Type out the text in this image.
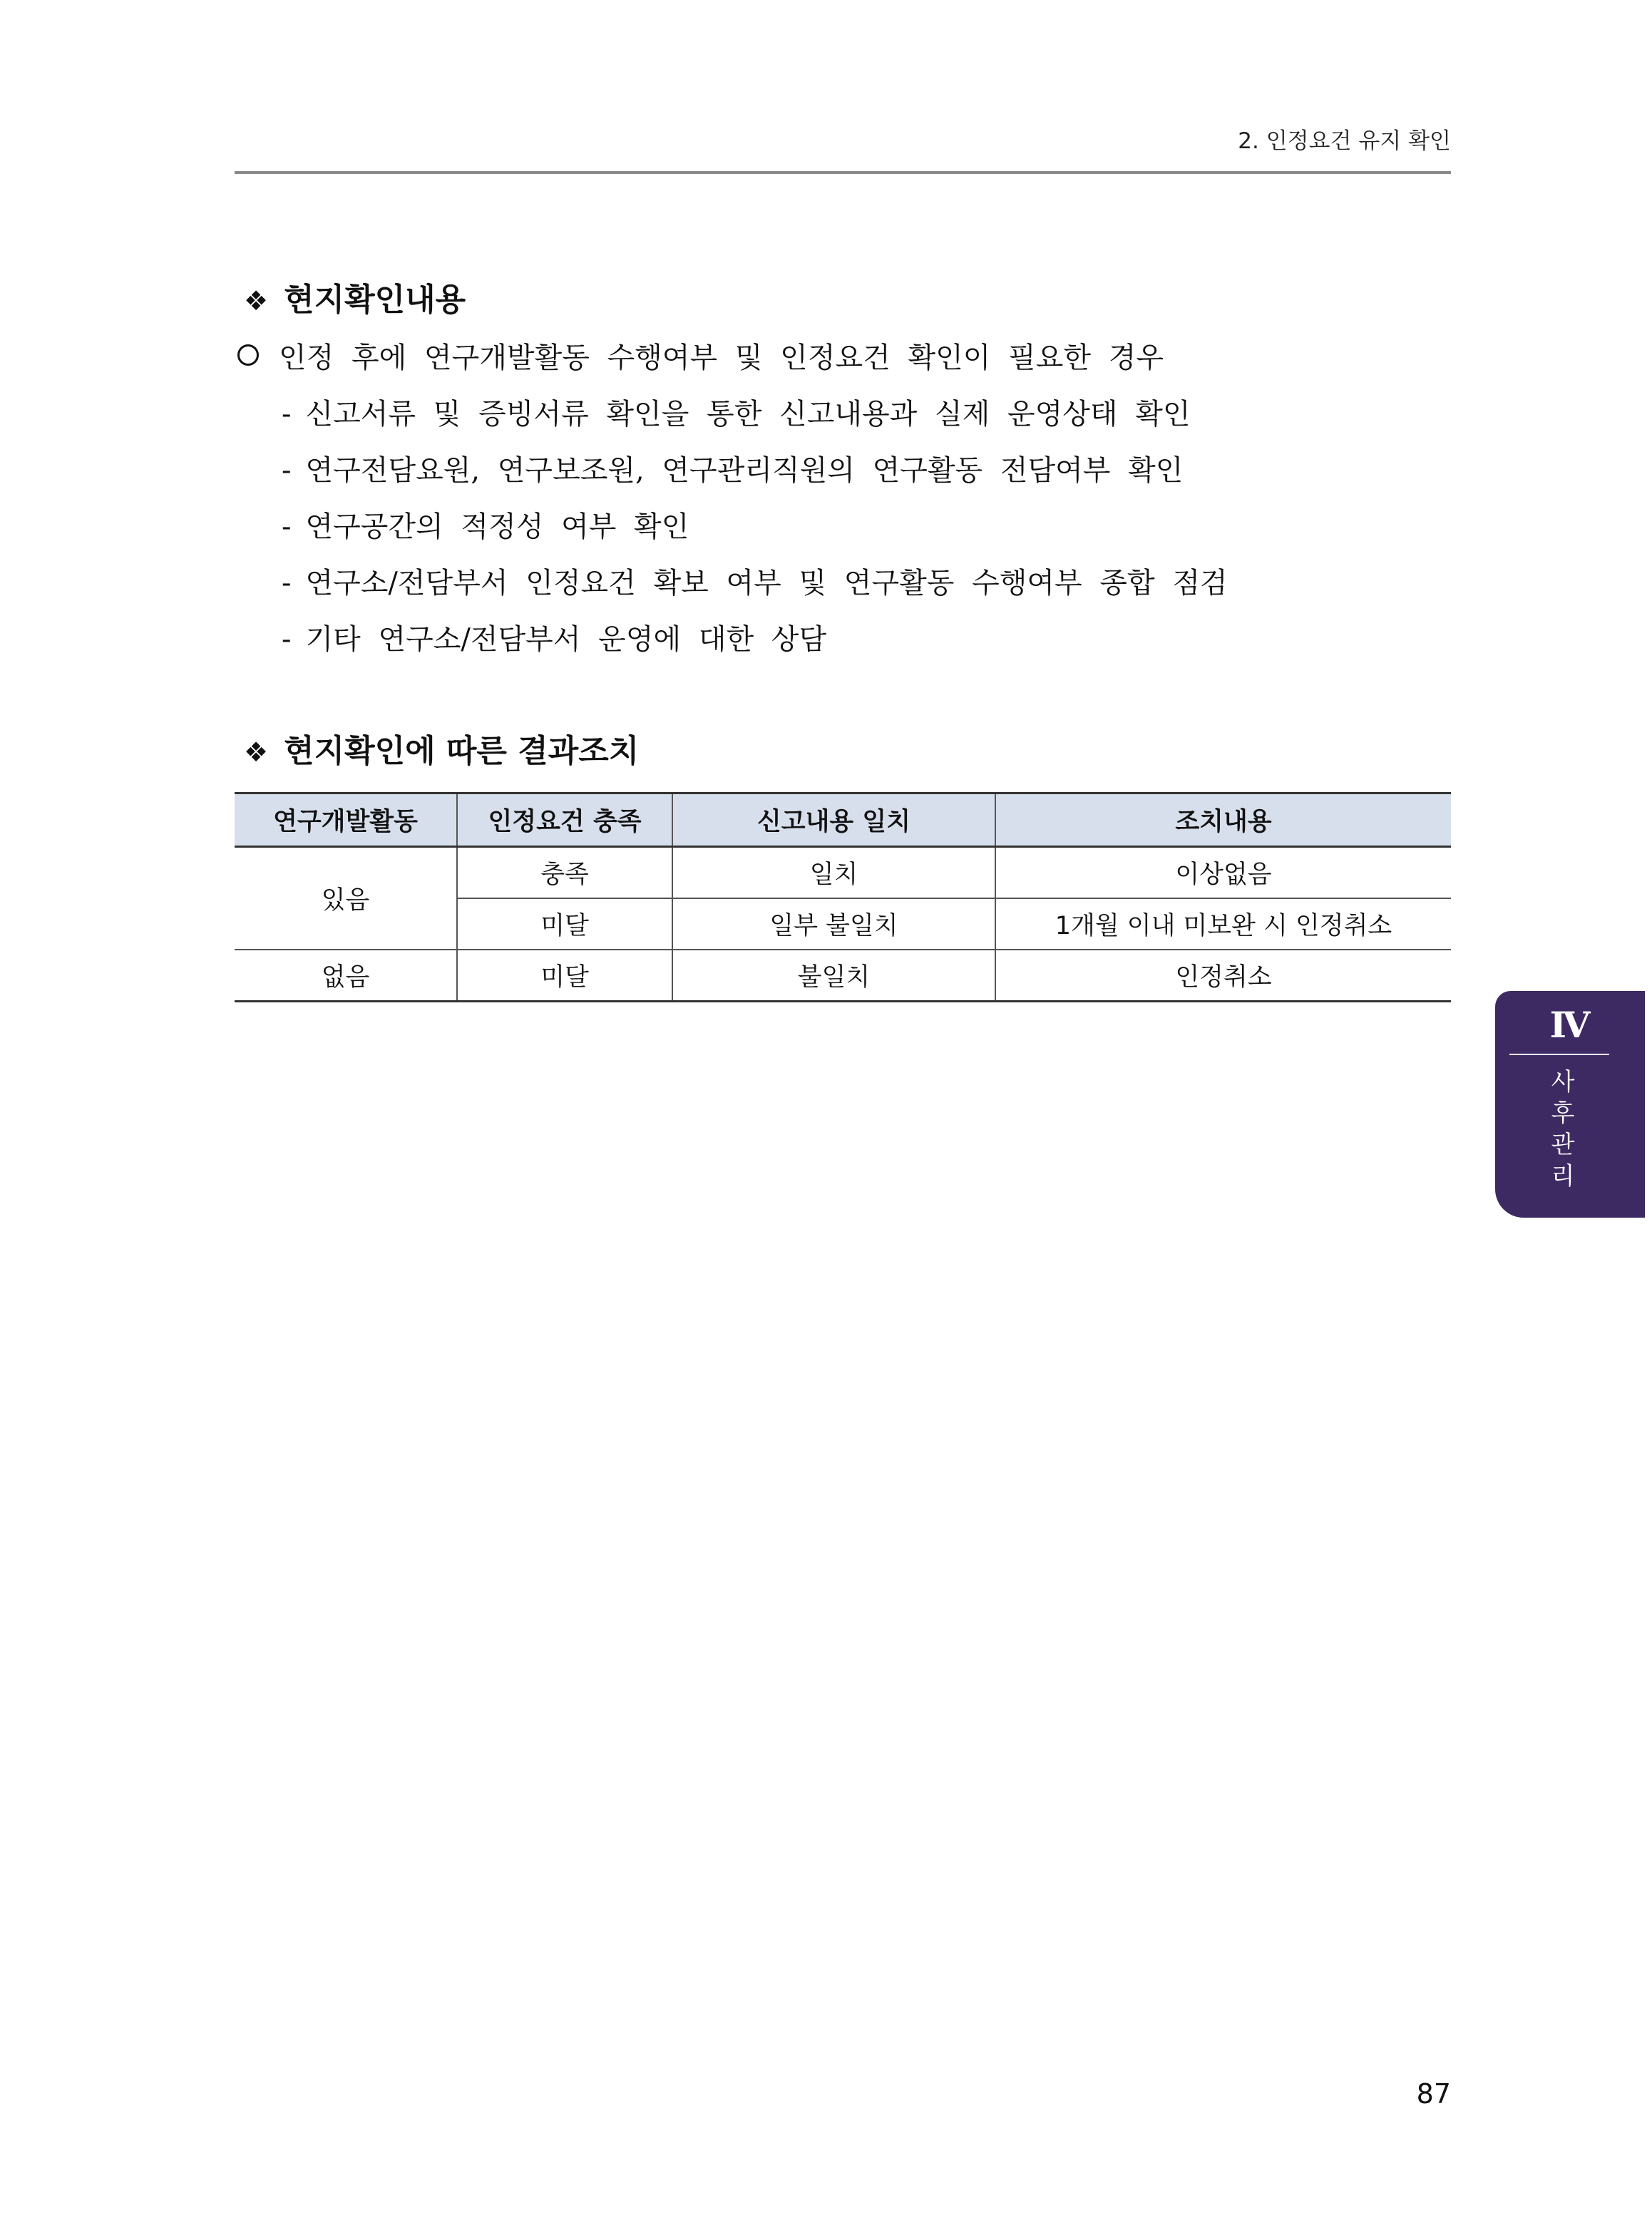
2. 인정요건 유지 확인
❖ 현지확인내용
인정 후에 연구개발활동 수행여부 및 인정요건 확인이 필요한 경우
- 신고서류 및 증빙서류 확인을 통한 신고내용과 실제 운영상태 확인
- 연구전담요원, 연구보조원, 연구관리직원의 연구활동 전담여부 확인
- 연구공간의 적정성 여부 확인
- 연구소/전담부서 인정요건 확보 여부 및 연구활동 수행여부 종합 점검
- 기타 연구소/전담부서 운영에 대한 상담
❖ 현지확인에 따른 결과조치
연구개발활동	인정요건 충족	신고내용 일치	조치내용
있음	충족	일치	이상없음
	미달	일부 불일치	1개월 이내 미보완 시 인정취소
없음	미달	불일치	인정취소
Ⅳ
사
후
관
리
87
